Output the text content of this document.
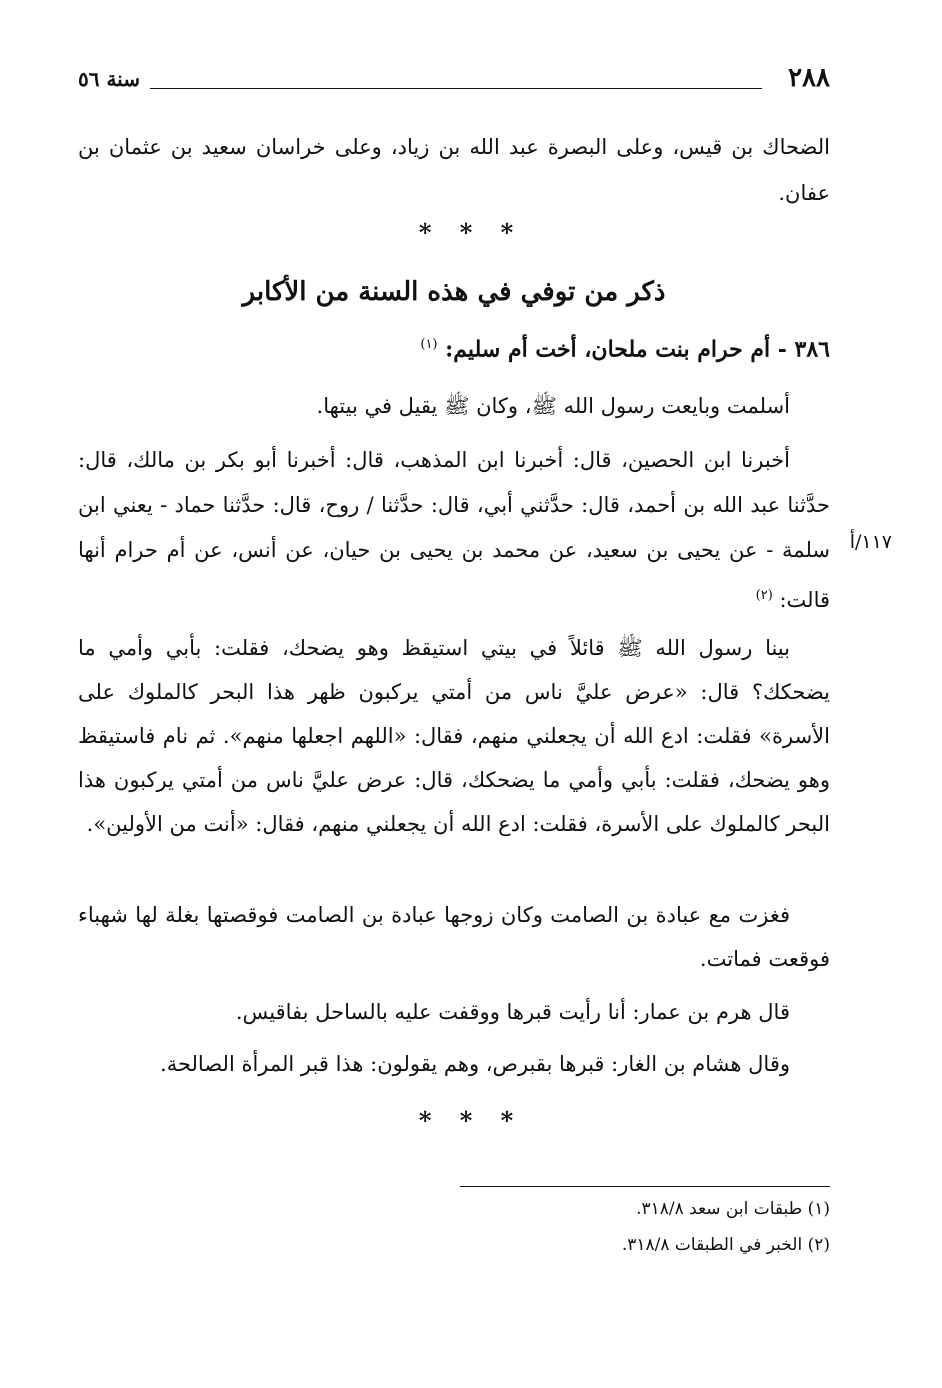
٢٨٨
سنة ٥٦

الضحاك بن قيس، وعلى البصرة عبد الله بن زياد، وعلى خراسان سعيد بن عثمان بن عفان.

* * *
ذكر من توفي في هذه السنة من الأكابر

٣٨٦ - أم حرام بنت ملحان، أخت أم سليم: $^{(١)}$

أسلمت وبايعت رسول الله ﷺ، وكان ﷺ يقيل في بيتها.

أخبرنا ابن الحصين، قال: أخبرنا ابن المذهب، قال: أخبرنا أبو بكر بن مالك، قال: حدَّثنا عبد الله بن أحمد، قال: حدَّثني أبي، قال: حدَّثنا / روح، قال: حدَّثنا حماد - يعني ابن سلمة - عن يحيى بن سعيد، عن محمد بن يحيى بن حيان، عن أنس، عن أم حرام أنها قالت: $^{(٢)}$

١١٧/أ

بينا رسول الله ﷺ قائلاً في بيتي استيقظ وهو يضحك، فقلت: بأبي وأمي ما يضحكك؟ قال: «عرض عليَّ ناس من أمتي يركبون ظهر هذا البحر كالملوك على الأسرة» فقلت: ادع الله أن يجعلني منهم، فقال: «اللهم اجعلها منهم». ثم نام فاستيقظ وهو يضحك، فقلت: بأبي وأمي ما يضحكك، قال: عرض عليَّ ناس من أمتي يركبون هذا البحر كالملوك على الأسرة، فقلت: ادع الله أن يجعلني منهم، فقال: «أنت من الأولين».

فغزت مع عبادة بن الصامت وكان زوجها عبادة بن الصامت فوقصتها بغلة لها شهباء فوقعت فماتت.

قال هرم بن عمار: أنا رأيت قبرها ووقفت عليه بالساحل بفاقيس.

وقال هشام بن الغار: قبرها بقبرص، وهم يقولون: هذا قبر المرأة الصالحة.

* * *

(١) طبقات ابن سعد ٣١٨/٨.

(٢) الخبر في الطبقات ٣١٨/٨.
